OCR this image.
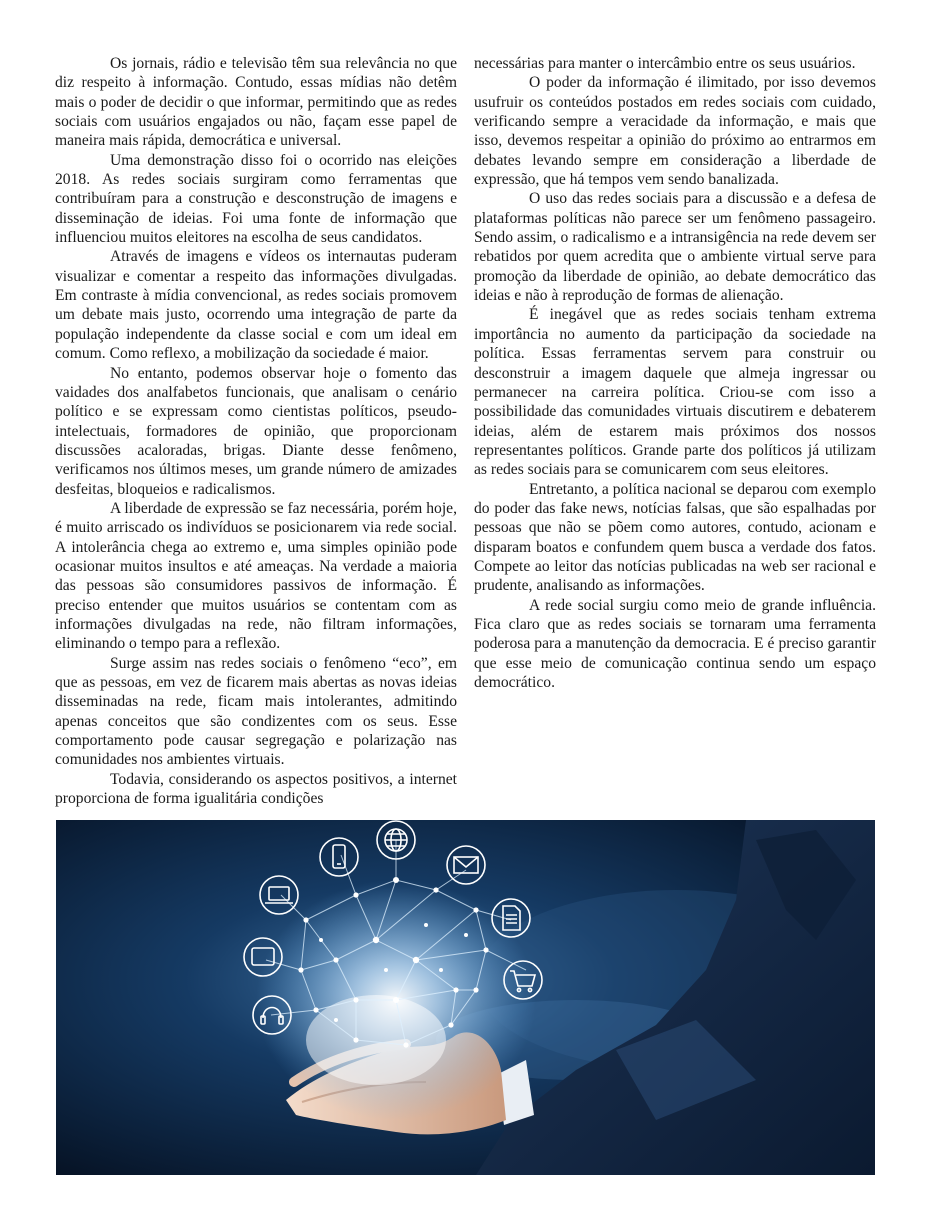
Os jornais, rádio e televisão têm sua relevância no que diz respeito à informação. Contudo, essas mídias não detêm mais o poder de decidir o que informar, permitindo que as redes sociais com usuários engajados ou não, façam esse papel de maneira mais rápida, democrática e universal.

Uma demonstração disso foi o ocorrido nas eleições 2018. As redes sociais surgiram como ferramentas que contribuíram para a construção e desconstrução de imagens e disseminação de ideias. Foi uma fonte de informação que influenciou muitos eleitores na escolha de seus candidatos.

Através de imagens e vídeos os internautas puderam visualizar e comentar a respeito das informações divulgadas. Em contraste à mídia convencional, as redes sociais promovem um debate mais justo, ocorrendo uma integração de parte da população independente da classe social e com um ideal em comum. Como reflexo, a mobilização da sociedade é maior.

No entanto, podemos observar hoje o fomento das vaidades dos analfabetos funcionais, que analisam o cenário político e se expressam como cientistas políticos, pseudo-intelectuais, formadores de opinião, que proporcionam discussões acaloradas, brigas. Diante desse fenômeno, verificamos nos últimos meses, um grande número de amizades desfeitas, bloqueios e radicalismos.

A liberdade de expressão se faz necessária, porém hoje, é muito arriscado os indivíduos se posicionarem via rede social. A intolerância chega ao extremo e, uma simples opinião pode ocasionar muitos insultos e até ameaças. Na verdade a maioria das pessoas são consumidores passivos de informação. É preciso entender que muitos usuários se contentam com as informações divulgadas na rede, não filtram informações, eliminando o tempo para a reflexão.

Surge assim nas redes sociais o fenômeno “eco”, em que as pessoas, em vez de ficarem mais abertas as novas ideias disseminadas na rede, ficam mais intolerantes, admitindo apenas conceitos que são condizentes com os seus. Esse comportamento pode causar segregação e polarização nas comunidades nos ambientes virtuais.

Todavia, considerando os aspectos positivos, a internet proporciona de forma igualitária condições

necessárias para manter o intercâmbio entre os seus usuários.

O poder da informação é ilimitado, por isso devemos usufruir os conteúdos postados em redes sociais com cuidado, verificando sempre a veracidade da informação, e mais que isso, devemos respeitar a opinião do próximo ao entrarmos em debates levando sempre em consideração a liberdade de expressão, que há tempos vem sendo banalizada.

O uso das redes sociais para a discussão e a defesa de plataformas políticas não parece ser um fenômeno passageiro. Sendo assim, o radicalismo e a intransigência na rede devem ser rebatidos por quem acredita que o ambiente virtual serve para promoção da liberdade de opinião, ao debate democrático das ideias e não à reprodução de formas de alienação.

É inegável que as redes sociais tenham extrema importância no aumento da participação da sociedade na política. Essas ferramentas servem para construir ou desconstruir a imagem daquele que almeja ingressar ou permanecer na carreira política. Criou-se com isso a possibilidade das comunidades virtuais discutirem e debaterem ideias, além de estarem mais próximos dos nossos representantes políticos. Grande parte dos políticos já utilizam as redes sociais para se comunicarem com seus eleitores.

Entretanto, a política nacional se deparou com exemplo do poder das fake news, notícias falsas, que são espalhadas por pessoas que não se põem como autores, contudo, acionam e disparam boatos e confundem quem busca a verdade dos fatos. Compete ao leitor das notícias publicadas na web ser racional e prudente, analisando as informações.

A rede social surgiu como meio de grande influência. Fica claro que as redes sociais se tornaram uma ferramenta poderosa para a manutenção da democracia. E é preciso garantir que esse meio de comunicação continua sendo um espaço democrático.
